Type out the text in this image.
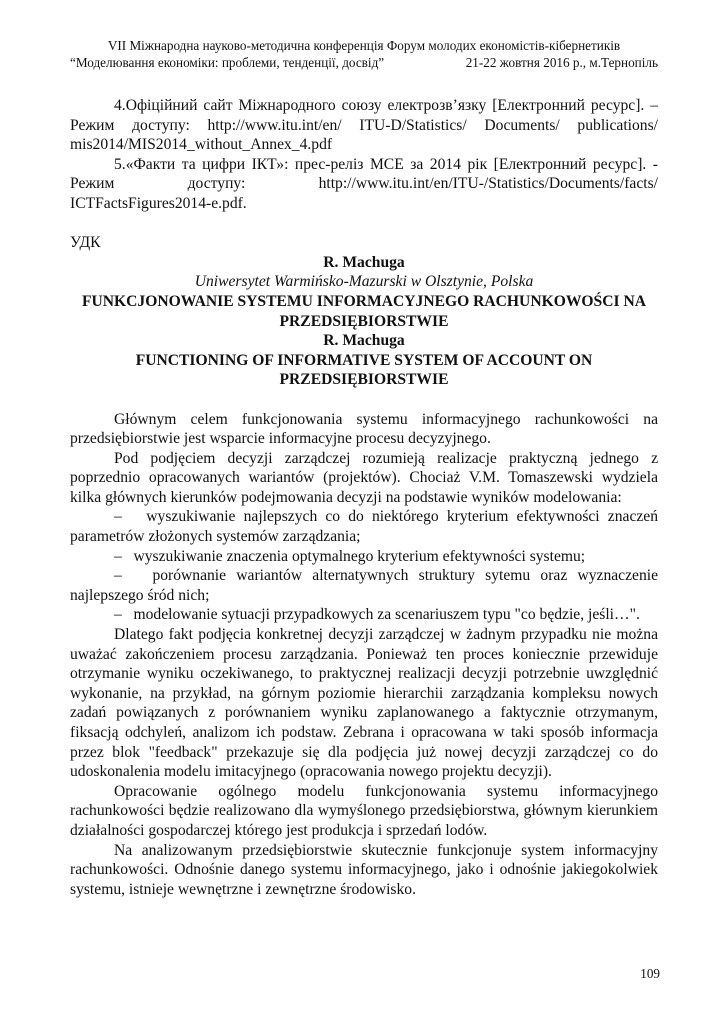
VII Міжнародна науково-методична конференція Форум молодих економістів-кібернетиків
“Моделювання економіки: проблеми, тенденції, досвід”	21-22 жовтня 2016 р., м.Тернопіль

4.Офіційний сайт Міжнародного союзу електрозв’язку [Електронний ресурс]. – Режим доступу: http://www.itu.int/en/ ITU-D/Statistics/ Documents/ publications/ mis2014/MIS2014_without_Annex_4.pdf

5.«Факти та цифри ІКТ»: прес-реліз МСЕ за 2014 рік [Електронний ресурс]. - Режим доступу: http://www.itu.int/en/ITU-/Statistics/Documents/facts/ ICTFactsFigures2014-e.pdf.

УДК

R. Machuga

Uniwersytet Warmińsko-Mazurski w Olsztynie, Polska

FUNKCJONOWANIE SYSTEMU INFORMACYJNEGO RACHUNKOWOŚCI NA PRZEDSIĘBIORSTWIE

R. Machuga

FUNCTIONING OF INFORMATIVE SYSTEM OF ACCOUNT ON PRZEDSIĘBIORSTWIE

Głównym celem funkcjonowania systemu informacyjnego rachunkowości na przedsiębiorstwie jest wsparcie informacyjne procesu decyzyjnego.

Pod podjęciem decyzji zarządczej rozumieją realizacje praktyczną jednego z poprzednio opracowanych wariantów (projektów). Chociaż V.M. Tomaszewski wydziela kilka głównych kierunków podejmowania decyzji na podstawie wyników modelowania:

–   wyszukiwanie najlepszych co do niektórego kryterium efektywności znaczeń parametrów złożonych systemów zarządzania;

–   wyszukiwanie znaczenia optymalnego kryterium efektywności systemu;

–   porównanie wariantów alternatywnych struktury sytemu oraz wyznaczenie najlepszego śród nich;

–   modelowanie sytuacji przypadkowych za scenariuszem typu "co będzie, jeśli…".

Dlatego fakt podjęcia konkretnej decyzji zarządczej w żadnym przypadku nie można uważać zakończeniem procesu zarządzania. Ponieważ ten proces koniecznie przewiduje otrzymanie wyniku oczekiwanego, to praktycznej realizacji decyzji potrzebnie uwzględnić wykonanie, na przykład, na górnym poziomie hierarchii zarządzania kompleksu nowych zadań powiązanych z porównaniem wyniku zaplanowanego a faktycznie otrzymanym, fiksacją odchyleń, analizom ich podstaw. Zebrana i opracowana w taki sposób informacja przez blok "feedback" przekazuje się dla podjęcia już nowej decyzji zarządczej co do udoskonalenia modelu imitacyjnego (opracowania nowego projektu decyzji).

Opracowanie ogólnego modelu funkcjonowania systemu informacyjnego rachunkowości będzie realizowano dla wymyślonego przedsiębiorstwa, głównym kierunkiem działalności gospodarczej którego jest produkcja i sprzedań lodów.

Na analizowanym przedsiębiorstwie skutecznie funkcjonuje system informacyjny rachunkowości. Odnośnie danego systemu informacyjnego, jako i odnośnie jakiegokolwiek systemu, istnieje wewnętrzne i zewnętrzne środowisko.

109
